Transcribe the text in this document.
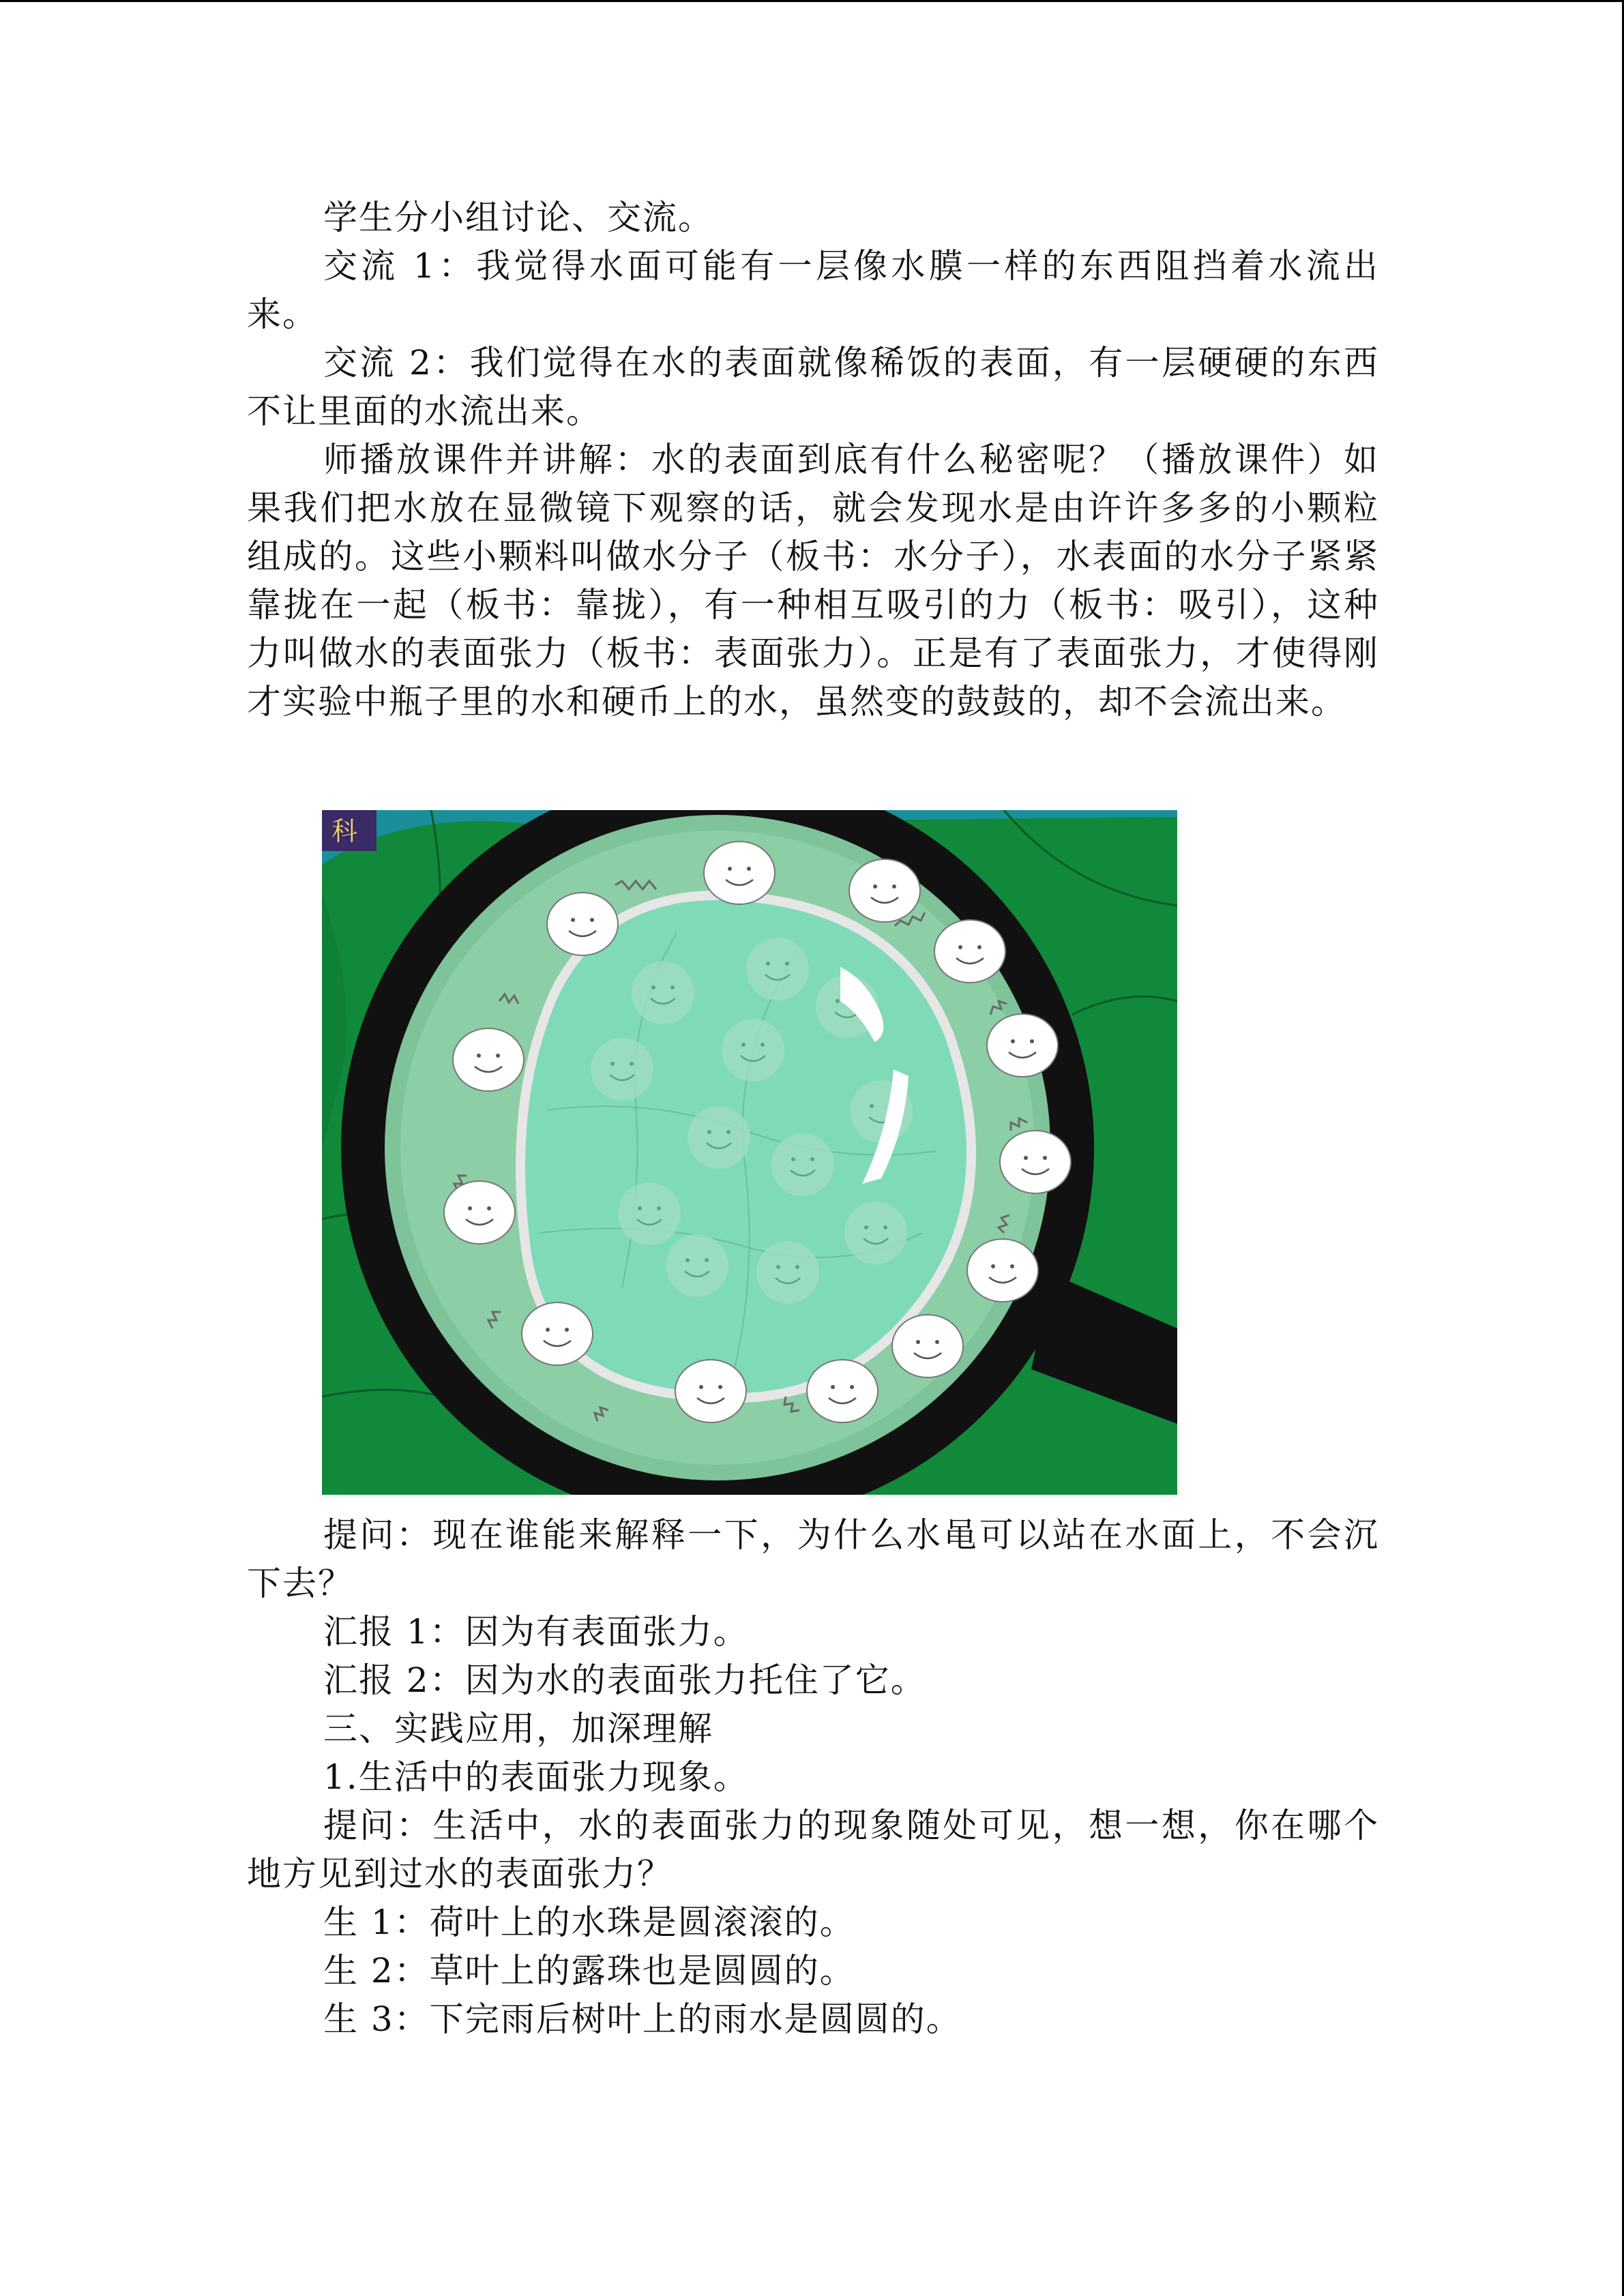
学生分小组讨论、交流。

交流 1：我觉得水面可能有一层像水膜一样的东西阻挡着水流出来。

交流 2：我们觉得在水的表面就像稀饭的表面，有一层硬硬的东西不让里面的水流出来。

师播放课件并讲解：水的表面到底有什么秘密呢？（播放课件）如果我们把水放在显微镜下观察的话，就会发现水是由许许多多的小颗粒组成的。这些小颗料叫做水分子（板书：水分子），水表面的水分子紧紧靠拢在一起（板书：靠拢），有一种相互吸引的力（板书：吸引），这种力叫做水的表面张力（板书：表面张力）。正是有了表面张力，才使得刚才实验中瓶子里的水和硬币上的水，虽然变的鼓鼓的，却不会流出来。

科

提问：现在谁能来解释一下，为什么水黾可以站在水面上，不会沉下去？

汇报 1：因为有表面张力。

汇报 2：因为水的表面张力托住了它。

三、实践应用，加深理解

1.生活中的表面张力现象。

提问：生活中，水的表面张力的现象随处可见，想一想，你在哪个地方见到过水的表面张力？

生 1：荷叶上的水珠是圆滚滚的。

生 2：草叶上的露珠也是圆圆的。

生 3：下完雨后树叶上的雨水是圆圆的。
